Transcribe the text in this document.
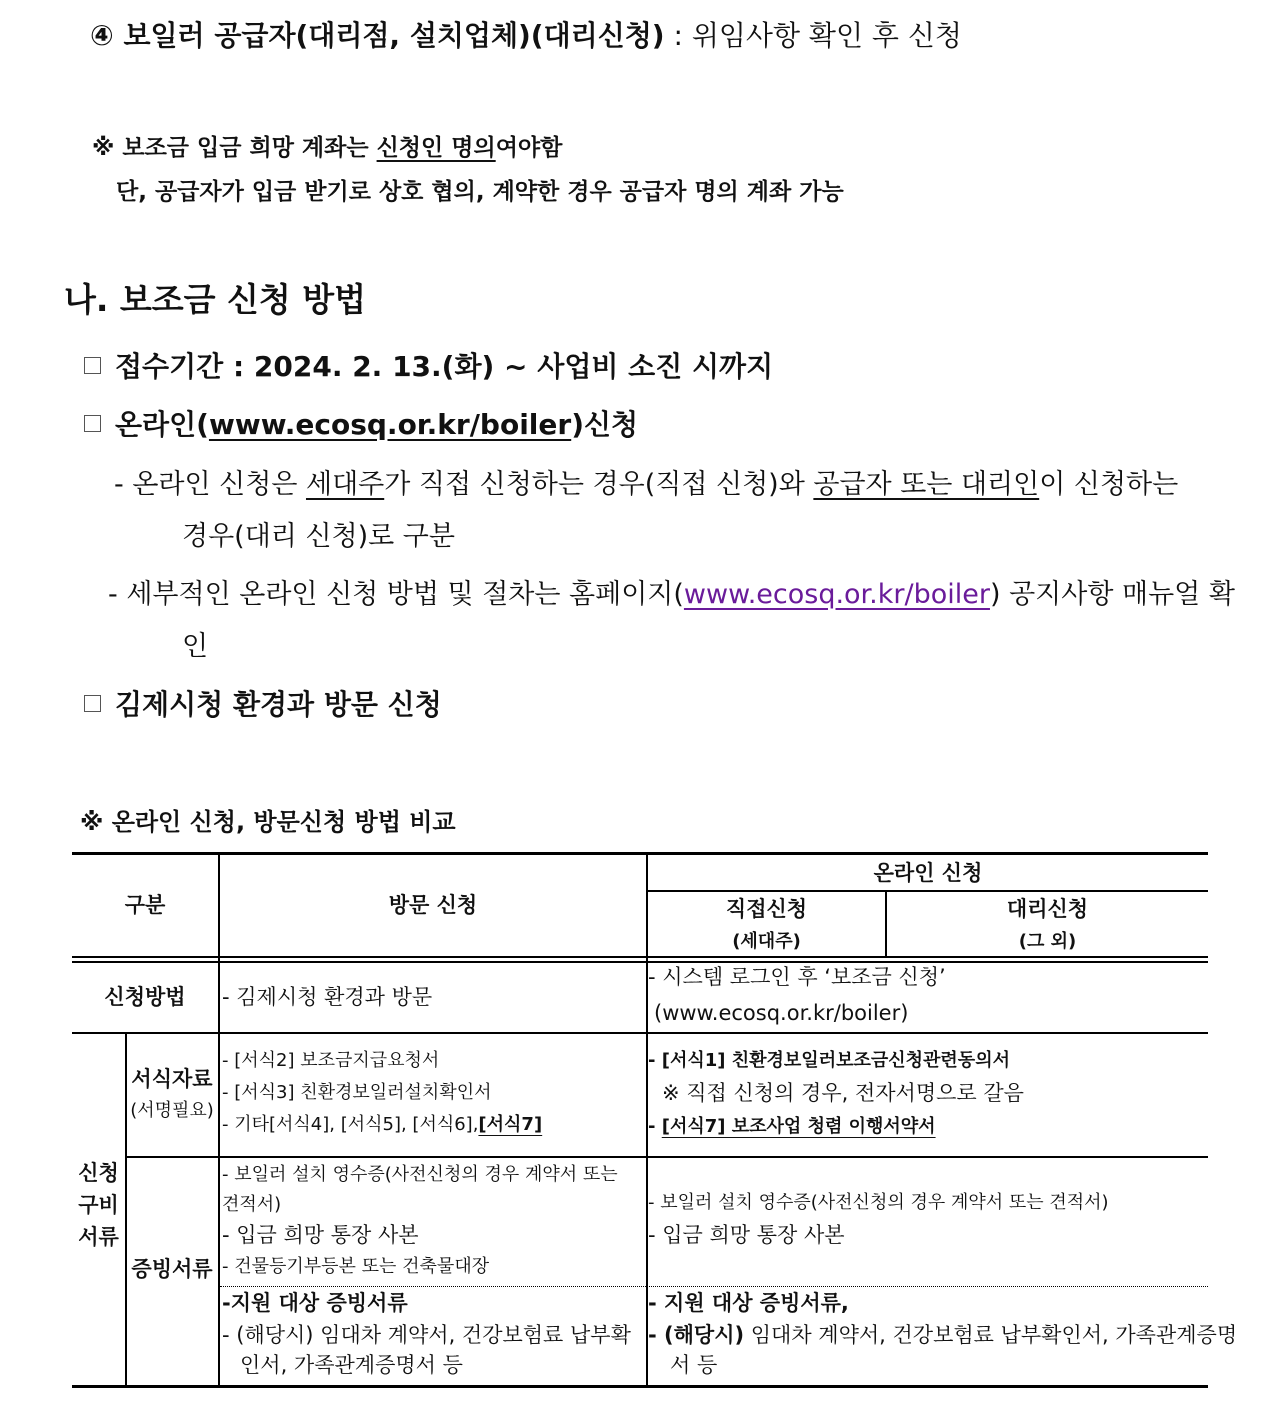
④ 보일러 공급자(대리점, 설치업체)(대리신청) : 위임사항 확인 후 신청
※ 보조금 입금 희망 계좌는 신청인 명의여야함
단, 공급자가 입금 받기로 상호 협의, 계약한 경우 공급자 명의 계좌 가능
나. 보조금 신청 방법
접수기간 : 2024. 2. 13.(화) ~ 사업비 소진 시까지
온라인(www.ecosq.or.kr/boiler)신청
- 온라인 신청은 세대주가 직접 신청하는 경우(직접 신청)와 공급자 또는 대리인이 신청하는
경우(대리 신청)로 구분
- 세부적인 온라인 신청 방법 및 절차는 홈페이지(www.ecosq.or.kr/boiler) 공지사항 매뉴얼 확
인
김제시청 환경과 방문 신청
※ 온라인 신청, 방문신청 방법 비교
구분	방문 신청
온라인 신청
직접신청
(세대주)
대리신청
(그 외)
신청방법	- 김제시청 환경과 방문
- 시스템 로그인 후 ‘보조금 신청’
(www.ecosq.or.kr/boiler)
신청
구비
서류
서식자료
(서명필요)
- [서식2] 보조금지급요청서
- [서식3] 친환경보일러설치확인서
- 기타[서식4], [서식5], [서식6],[서식7]
- [서식1] 친환경보일러보조금신청관련동의서
※ 직접 신청의 경우, 전자서명으로 갈음
- [서식7] 보조사업 청렴 이행서약서
증빙서류
- 보일러 설치 영수증(사전신청의 경우 계약서 또는
견적서)
- 입금 희망 통장 사본
- 건물등기부등본 또는 건축물대장
- 보일러 설치 영수증(사전신청의 경우 계약서 또는 견적서)
- 입금 희망 통장 사본
-지원 대상 증빙서류
- (해당시) 임대차 계약서, 건강보험료 납부확
인서, 가족관계증명서 등
- 지원 대상 증빙서류,
- (해당시) 임대차 계약서, 건강보험료 납부확인서, 가족관계증명
서 등
